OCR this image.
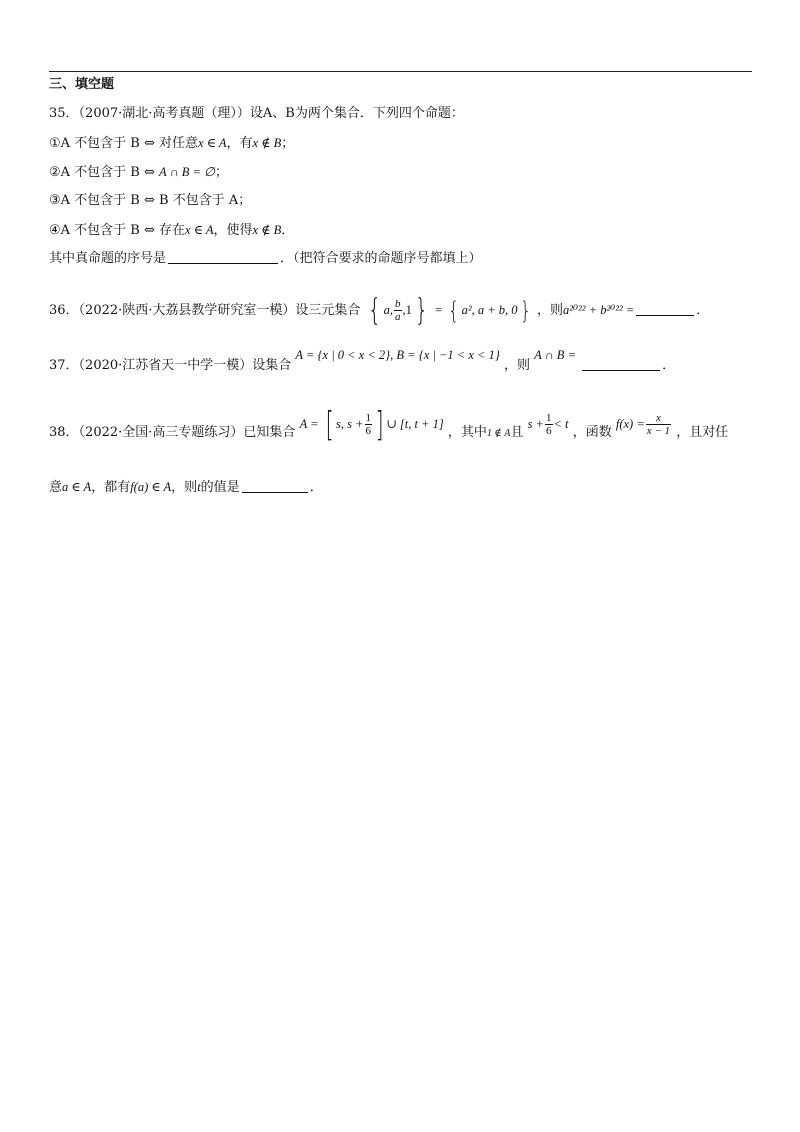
三、填空题
35．（2007·湖北·高考真题（理））设A、B为两个集合．下列四个命题：
①A 不包含于 B ⇔ 对任意x ∈ A，有x ∉ B；
②A 不包含于 B ⇔ A ∩ B = ∅；
③A 不包含于 B ⇔ B 不包含于 A；
④A 不包含于 B ⇔ 存在x ∈ A，使得x ∉ B．
其中真命题的序号是	．（把符合要求的命题序号都填上）
36．（2022·陕西·大荔县教学研究室一模）设三元集合 { a, $\frac{b}{a} ,1$} = { a², a + b, 0} ，则a²⁰²² + b²⁰²² =	．
37．（2020·江苏省天一中学一模）设集合 A = {x | 0 < x < 2}, B = {x | −1 < x < 1} ，则 A ∩ B = ．
38．（2022·全国·高三专题练习）已知集合 A = [ s, $s + \frac{1}{6}$ ] ∪ [t, t + 1] ，其中1 ∉ A且 $s + \frac{1}{6} < t$ ，函数 $f(x) = \frac{x}{x - 1}$ ，且对任
意a ∈ A，都有f(a) ∈ A，则t的值是	．
